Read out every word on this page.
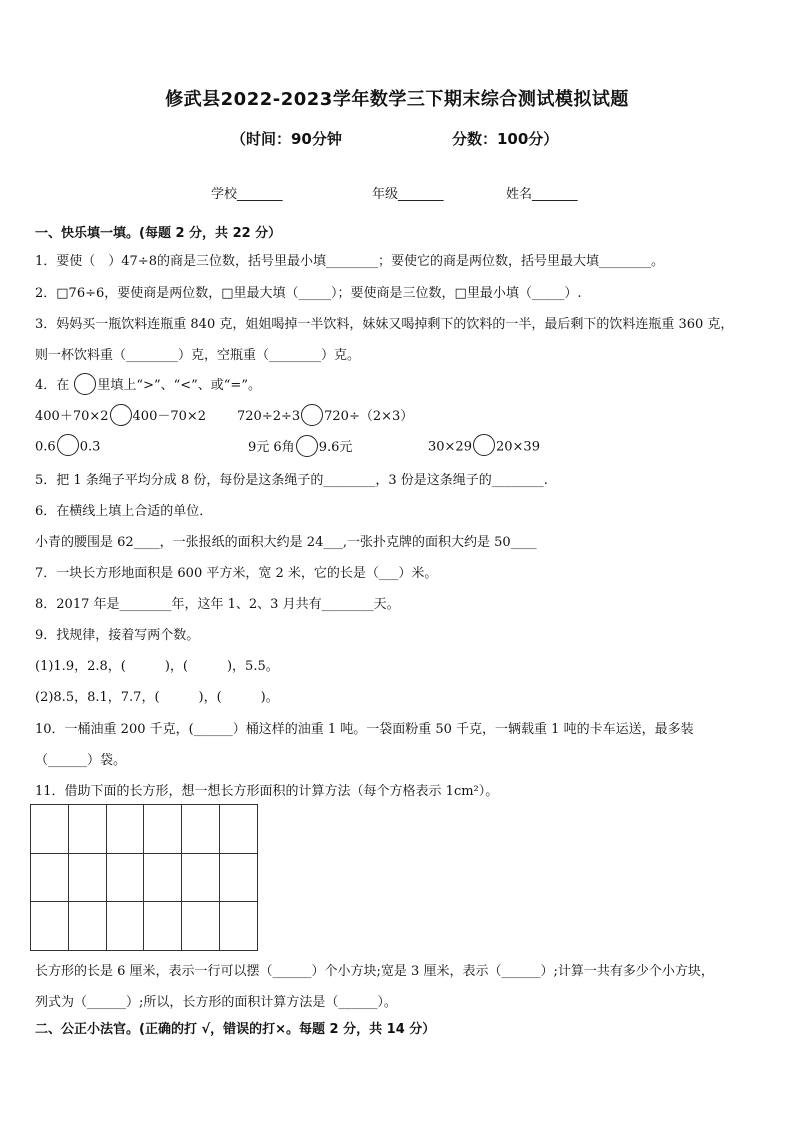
修武县2022-2023学年数学三下期末综合测试模拟试题
（时间：90分钟	分数：100分）
学校_______	年级_______	姓名_______
一、快乐填一填。(每题 2 分，共 22 分）
1．要使（　）47÷8的商是三位数，括号里最小填________；要使它的商是两位数，括号里最大填________。
2．□76÷6，要使商是两位数，□里最大填（_____）；要使商是三位数，□里最小填（_____）.
3．妈妈买一瓶饮料连瓶重 840 克，姐姐喝掉一半饮料，妹妹又喝掉剩下的饮料的一半，最后剩下的饮料连瓶重 360 克，
则一杯饮料重（________）克，空瓶重（________）克。
4．在 里填上“>”、“<”、或“=”。
400＋70×2 400－70×2 720÷2÷3 720÷（2×3）
0.6 0.3	9元 6角 9.6元	30×29 20×39
5．把 1 条绳子平均分成 8 份，每份是这条绳子的________，3 份是这条绳子的________.
6．在横线上填上合适的单位．
小青的腰围是 62____，一张报纸的面积大约是 24___,一张扑克牌的面积大约是 50____
7．一块长方形地面积是 600 平方米，宽 2 米，它的长是（___）米。
8．2017 年是________年，这年 1、2、3 月共有________天。
9．找规律，接着写两个数。
(1)1.9，2.8，(　　　)，(　　　)，5.5。
(2)8.5，8.1，7.7，(　　　)，(　　　)。
10．一桶油重 200 千克，(______）桶这样的油重 1 吨。一袋面粉重 50 千克，一辆载重 1 吨的卡车运送，最多装
（______）袋。
11．借助下面的长方形，想一想长方形面积的计算方法（每个方格表示 1cm²）。

长方形的长是 6 厘米，表示一行可以摆（______）个小方块;宽是 3 厘米，表示（______）;计算一共有多少个小方块，
列式为（______）;所以，长方形的面积计算方法是（______）。
二、公正小法官。(正确的打 √，错误的打×。每题 2 分，共 14 分）
